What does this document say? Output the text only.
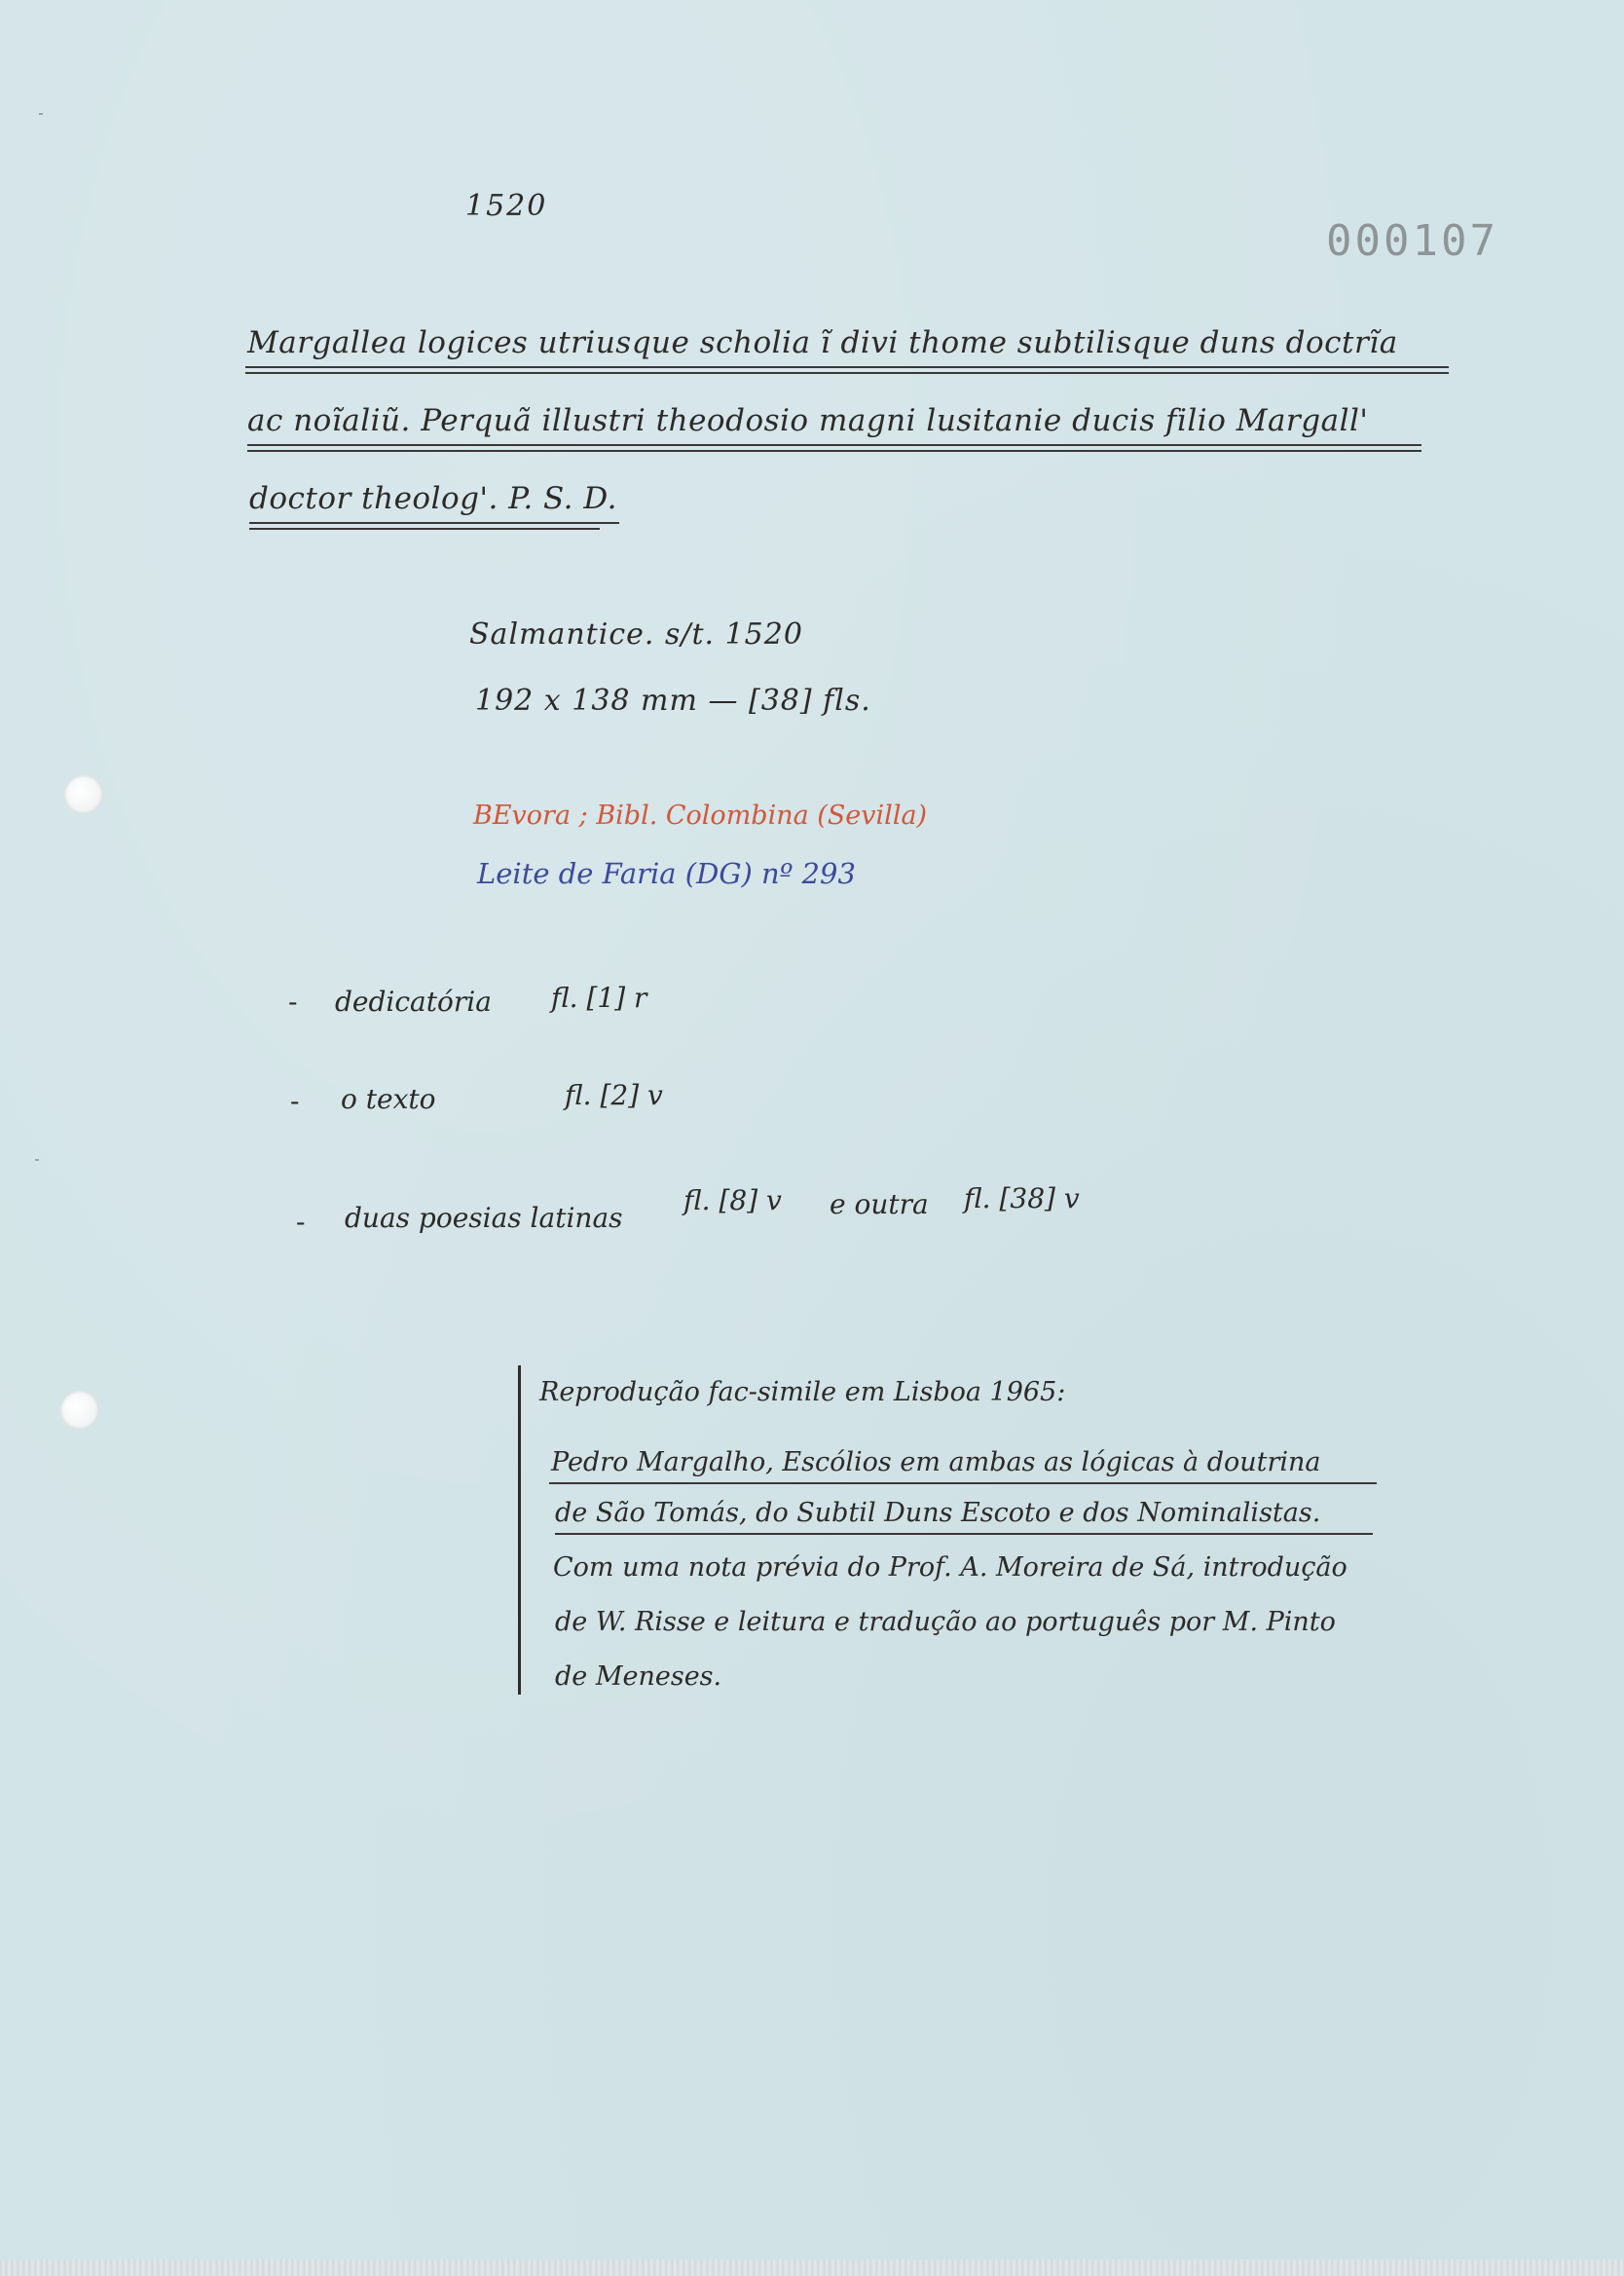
1520
000107
Margallea logices utriusque scholia ĩ divi thome subtilisque duns doctrĩa
ac noĩaliũ. Perquã illustri theodosio magni lusitanie ducis filio Margall'
doctor theolog'. P. S. D.
Salmantice. s/t. 1520
192 x 138 mm — [38] fls.
BEvora ; Bibl. Colombina (Sevilla)
Leite de Faria (DG) nº 293
- dedicatória fl. [1] r
- o texto	fl. [2] v
- duas poesias latinas
fl. [8] v e outra fl. [38] v
Reprodução fac-simile em Lisboa 1965:
Pedro Margalho, Escólios em ambas as lógicas à doutrina
de São Tomás, do Subtil Duns Escoto e dos Nominalistas.
Com uma nota prévia do Prof. A. Moreira de Sá, introdução
de W. Risse e leitura e tradução ao português por M. Pinto
de Meneses.
